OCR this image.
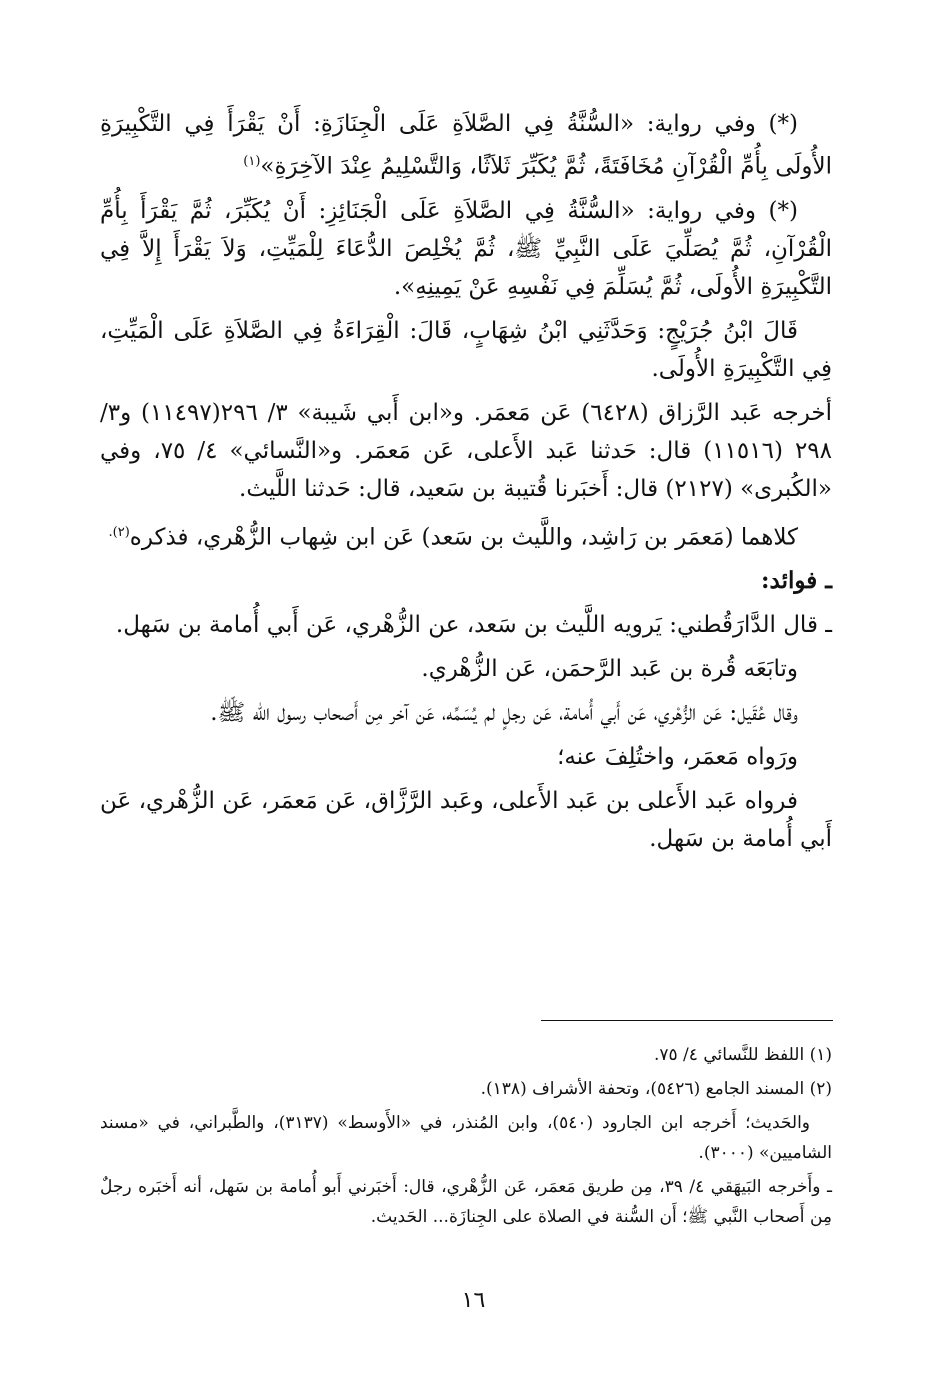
(*) وفي رواية: «السُّنَّةُ فِي الصَّلاَةِ عَلَى الْجِنَازَةِ: أَنْ يَقْرَأَ فِي التَّكْبِيرَةِ الأُولَى بِأُمِّ الْقُرْآنِ مُخَافَتَةً، ثُمَّ يُكَبِّرَ ثَلاَثًا، وَالتَّسْلِيمُ عِنْدَ الآخِرَةِ»$^{(١)}$

(*) وفي رواية: «السُّنَّةُ فِي الصَّلاَةِ عَلَى الْجَنَائِزِ: أَنْ يُكَبِّرَ، ثُمَّ يَقْرَأَ بِأُمِّ الْقُرْآنِ، ثُمَّ يُصَلِّيَ عَلَى النَّبِيِّ ﷺ، ثُمَّ يُخْلِصَ الدُّعَاءَ لِلْمَيِّتِ، وَلاَ يَقْرَأَ إِلاَّ فِي التَّكْبِيرَةِ الأُولَى، ثُمَّ يُسَلِّمَ فِي نَفْسِهِ عَنْ يَمِينِهِ».

قَالَ ابْنُ جُرَيْجٍ: وَحَدَّثَنِي ابْنُ شِهَابٍ، قَالَ: الْقِرَاءَةُ فِي الصَّلاَةِ عَلَى الْمَيِّتِ، فِي التَّكْبِيرَةِ الأُولَى.

أخرجه عَبد الرَّزاق (٦٤٢٨) عَن مَعمَر. و«ابن أَبي شَيبة» ٣/ ٢٩٦(١١٤٩٧) و٣/ ٢٩٨ (١١٥١٦) قال: حَدثنا عَبد الأَعلى، عَن مَعمَر. و«النَّسائي» ٤/ ٧٥، وفي «الكُبرى» (٢١٢٧) قال: أَخبَرنا قُتيبة بن سَعيد، قال: حَدثنا اللَّيث.

كلاهما (مَعمَر بن رَاشِد، واللَّيث بن سَعد) عَن ابن شِهاب الزُّهْري، فذكره$^{(٢).}$

ـ فوائد:

ـ قال الدَّارَقُطني: يَرويه اللَّيث بن سَعد، عن الزُّهْري، عَن أَبي أُمامة بن سَهل.

وتابَعَه قُرة بن عَبد الرَّحمَن، عَن الزُّهْري.

وقال عُقَيل: عَن الزُّهْري، عَن أَبي أُمامة، عَن رجلٍ لم يُسَمِّه، عَن آخر مِن أَصحاب رسول الله ﷺ.

ورَواه مَعمَر، واختُلِفَ عنه؛

فرواه عَبد الأَعلى بن عَبد الأَعلى، وعَبد الرَّزَّاق، عَن مَعمَر، عَن الزُّهْري، عَن أَبي أُمامة بن سَهل.

(١) اللفظ للنَّسائي ٤/ ٧٥.

(٢) المسند الجامع (٥٤٢٦)، وتحفة الأشراف (١٣٨).

والحَديث؛ أَخرجه ابن الجارود (٥٤٠)، وابن المُنذر، في «الأَوسط» (٣١٣٧)، والطَّبراني، في «مسند الشاميين» (٣٠٠٠).

ـ وأَخرجه البَيهَقي ٤/ ٣٩، مِن طريق مَعمَر، عَن الزُّهْري، قال: أَخبَرني أَبو أُمامة بن سَهل، أنه أَخبَره رجلٌ مِن أَصحاب النَّبي ﷺ؛ أَن السُّنة في الصلاة على الجِنازَة... الحَديث.

١٦
